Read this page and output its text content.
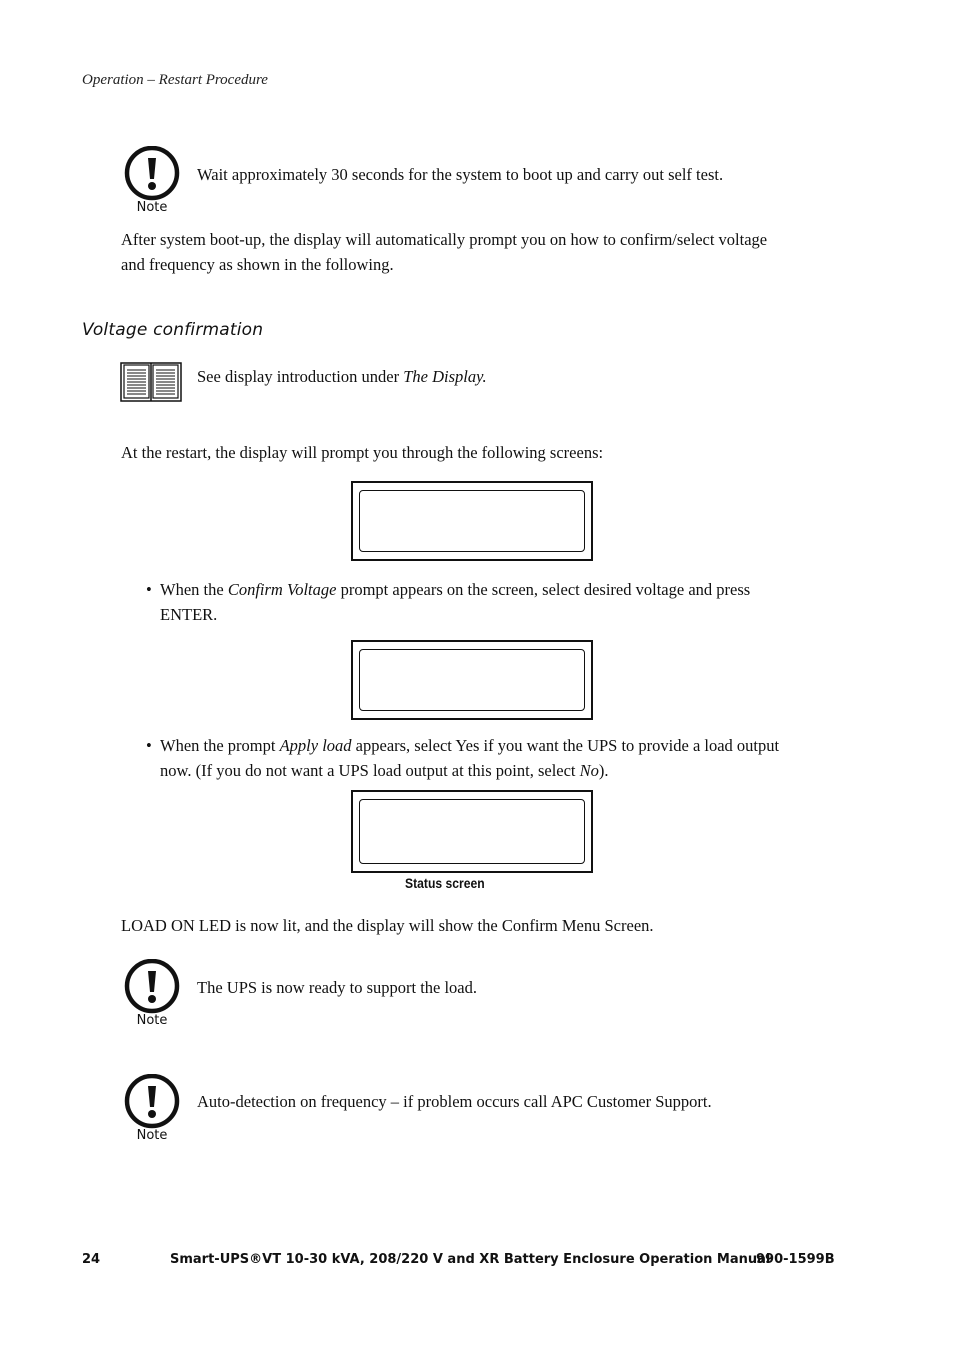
Operation – Restart Procedure
Note
Wait approximately 30 seconds for the system to boot up and carry out self test.
After system boot-up, the display will automatically prompt you on how to confirm/select voltage
and frequency as shown in the following.
Voltage confirmation
See display introduction under The Display.
At the restart, the display will prompt you through the following screens:
• When the Confirm Voltage prompt appears on the screen, select desired voltage and press
ENTER.
• When the prompt Apply load appears, select Yes if you want the UPS to provide a load output
now. (If you do not want a UPS load output at this point, select No).
Status screen
LOAD ON LED is now lit, and the display will show the Confirm Menu Screen.
Note
The UPS is now ready to support the load.
Note
Auto-detection on frequency – if problem occurs call APC Customer Support.
24	Smart-UPS®VT 10-30 kVA, 208/220 V and XR Battery Enclosure Operation Manual
990-1599B
